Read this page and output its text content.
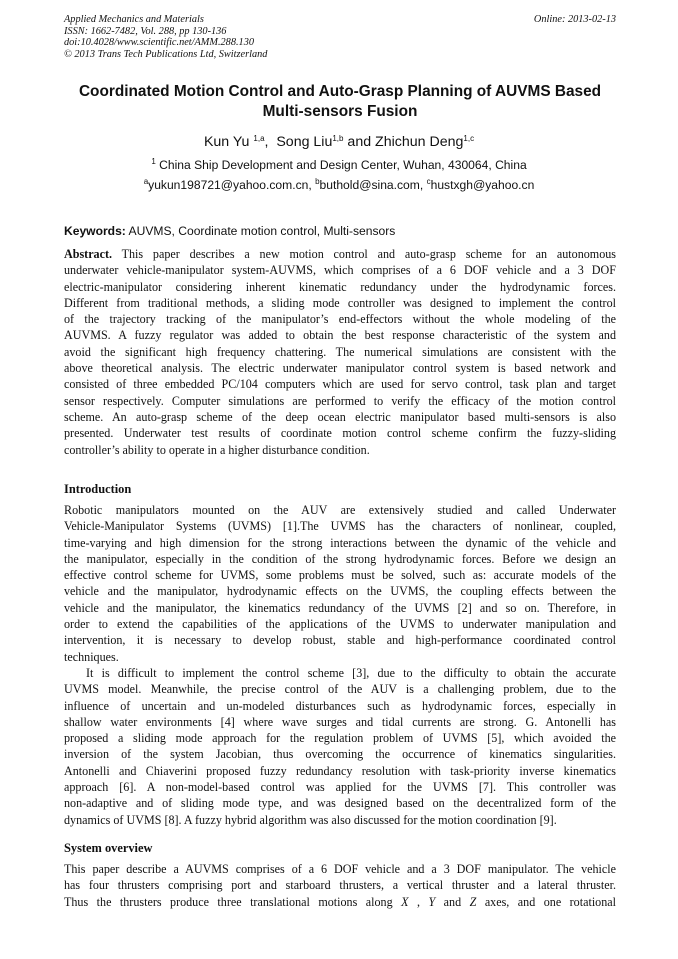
Applied Mechanics and Materials
ISSN: 1662-7482, Vol. 288, pp 130-136
doi:10.4028/www.scientific.net/AMM.288.130
© 2013 Trans Tech Publications Ltd, Switzerland
Online: 2013-02-13
Coordinated Motion Control and Auto-Grasp Planning of AUVMS Based
Multi-sensors Fusion
Kun Yu $^{1,a}$,  Song Liu$^{1,b}$ and Zhichun Deng$^{1,c}$
$^1$ China Ship Development and Design Center, Wuhan, 430064, China
$^a$yukun198721@yahoo.com.cn, $^b$buthold@sina.com, $^c$hustxgh@yahoo.cn
Keywords: AUVMS, Coordinate motion control, Multi-sensors
Abstract. This paper describes a new motion control and auto-grasp scheme for an autonomous
underwater vehicle-manipulator system-AUVMS, which comprises of a 6 DOF vehicle and a 3 DOF
electric-manipulator considering inherent kinematic redundancy under the hydrodynamic forces.
Different from traditional methods, a sliding mode controller was designed to implement the control
of the trajectory tracking of the manipulator’s end-effectors without the whole modeling of the
AUVMS. A fuzzy regulator was added to obtain the best response characteristic of the system and
avoid the significant high frequency chattering. The numerical simulations are consistent with the
above theoretical analysis. The electric underwater manipulator control system is based network and
consisted of three embedded PC/104 computers which are used for servo control, task plan and target
sensor respectively. Computer simulations are performed to verify the efficacy of the motion control
scheme. An auto-grasp scheme of the deep ocean electric manipulator based multi-sensors is also
presented. Underwater test results of coordinate motion control scheme confirm the fuzzy-sliding
controller’s ability to operate in a higher disturbance condition.
Introduction
Robotic manipulators mounted on the AUV are extensively studied and called Underwater
Vehicle-Manipulator Systems (UVMS) [1].The UVMS has the characters of nonlinear, coupled,
time-varying and high dimension for the strong interactions between the dynamic of the vehicle and
the manipulator, especially in the condition of the strong hydrodynamic forces. Before we design an
effective control scheme for UVMS, some problems must be solved, such as: accurate models of the
vehicle and the manipulator, hydrodynamic effects on the UVMS, the coupling effects between the
vehicle and the manipulator, the kinematics redundancy of the UVMS [2] and so on. Therefore, in
order to extend the capabilities of the applications of the UVMS to underwater manipulation and
intervention, it is necessary to develop robust, stable and high-performance coordinated control
techniques.
It is difficult to implement the control scheme [3], due to the difficulty to obtain the accurate
UVMS model. Meanwhile, the precise control of the AUV is a challenging problem, due to the
influence of uncertain and un-modeled disturbances such as hydrodynamic forces, especially in
shallow water environments [4] where wave surges and tidal currents are strong. G. Antonelli has
proposed a sliding mode approach for the regulation problem of UVMS [5], which avoided the
inversion of the system Jacobian, thus overcoming the occurrence of kinematics singularities.
Antonelli and Chiaverini proposed fuzzy redundancy resolution with task-priority inverse kinematics
approach [6]. A non-model-based control was applied for the UVMS [7]. This controller was
non-adaptive and of sliding mode type, and was designed based on the decentralized form of the
dynamics of UVMS [8]. A fuzzy hybrid algorithm was also discussed for the motion coordination [9].
System overview
This paper describe a AUVMS comprises of a 6 DOF vehicle and a 3 DOF manipulator. The vehicle
has four thrusters comprising port and starboard thrusters, a vertical thruster and a lateral thruster.
Thus the thrusters produce three translational motions along X , Y and Z axes, and one rotational
